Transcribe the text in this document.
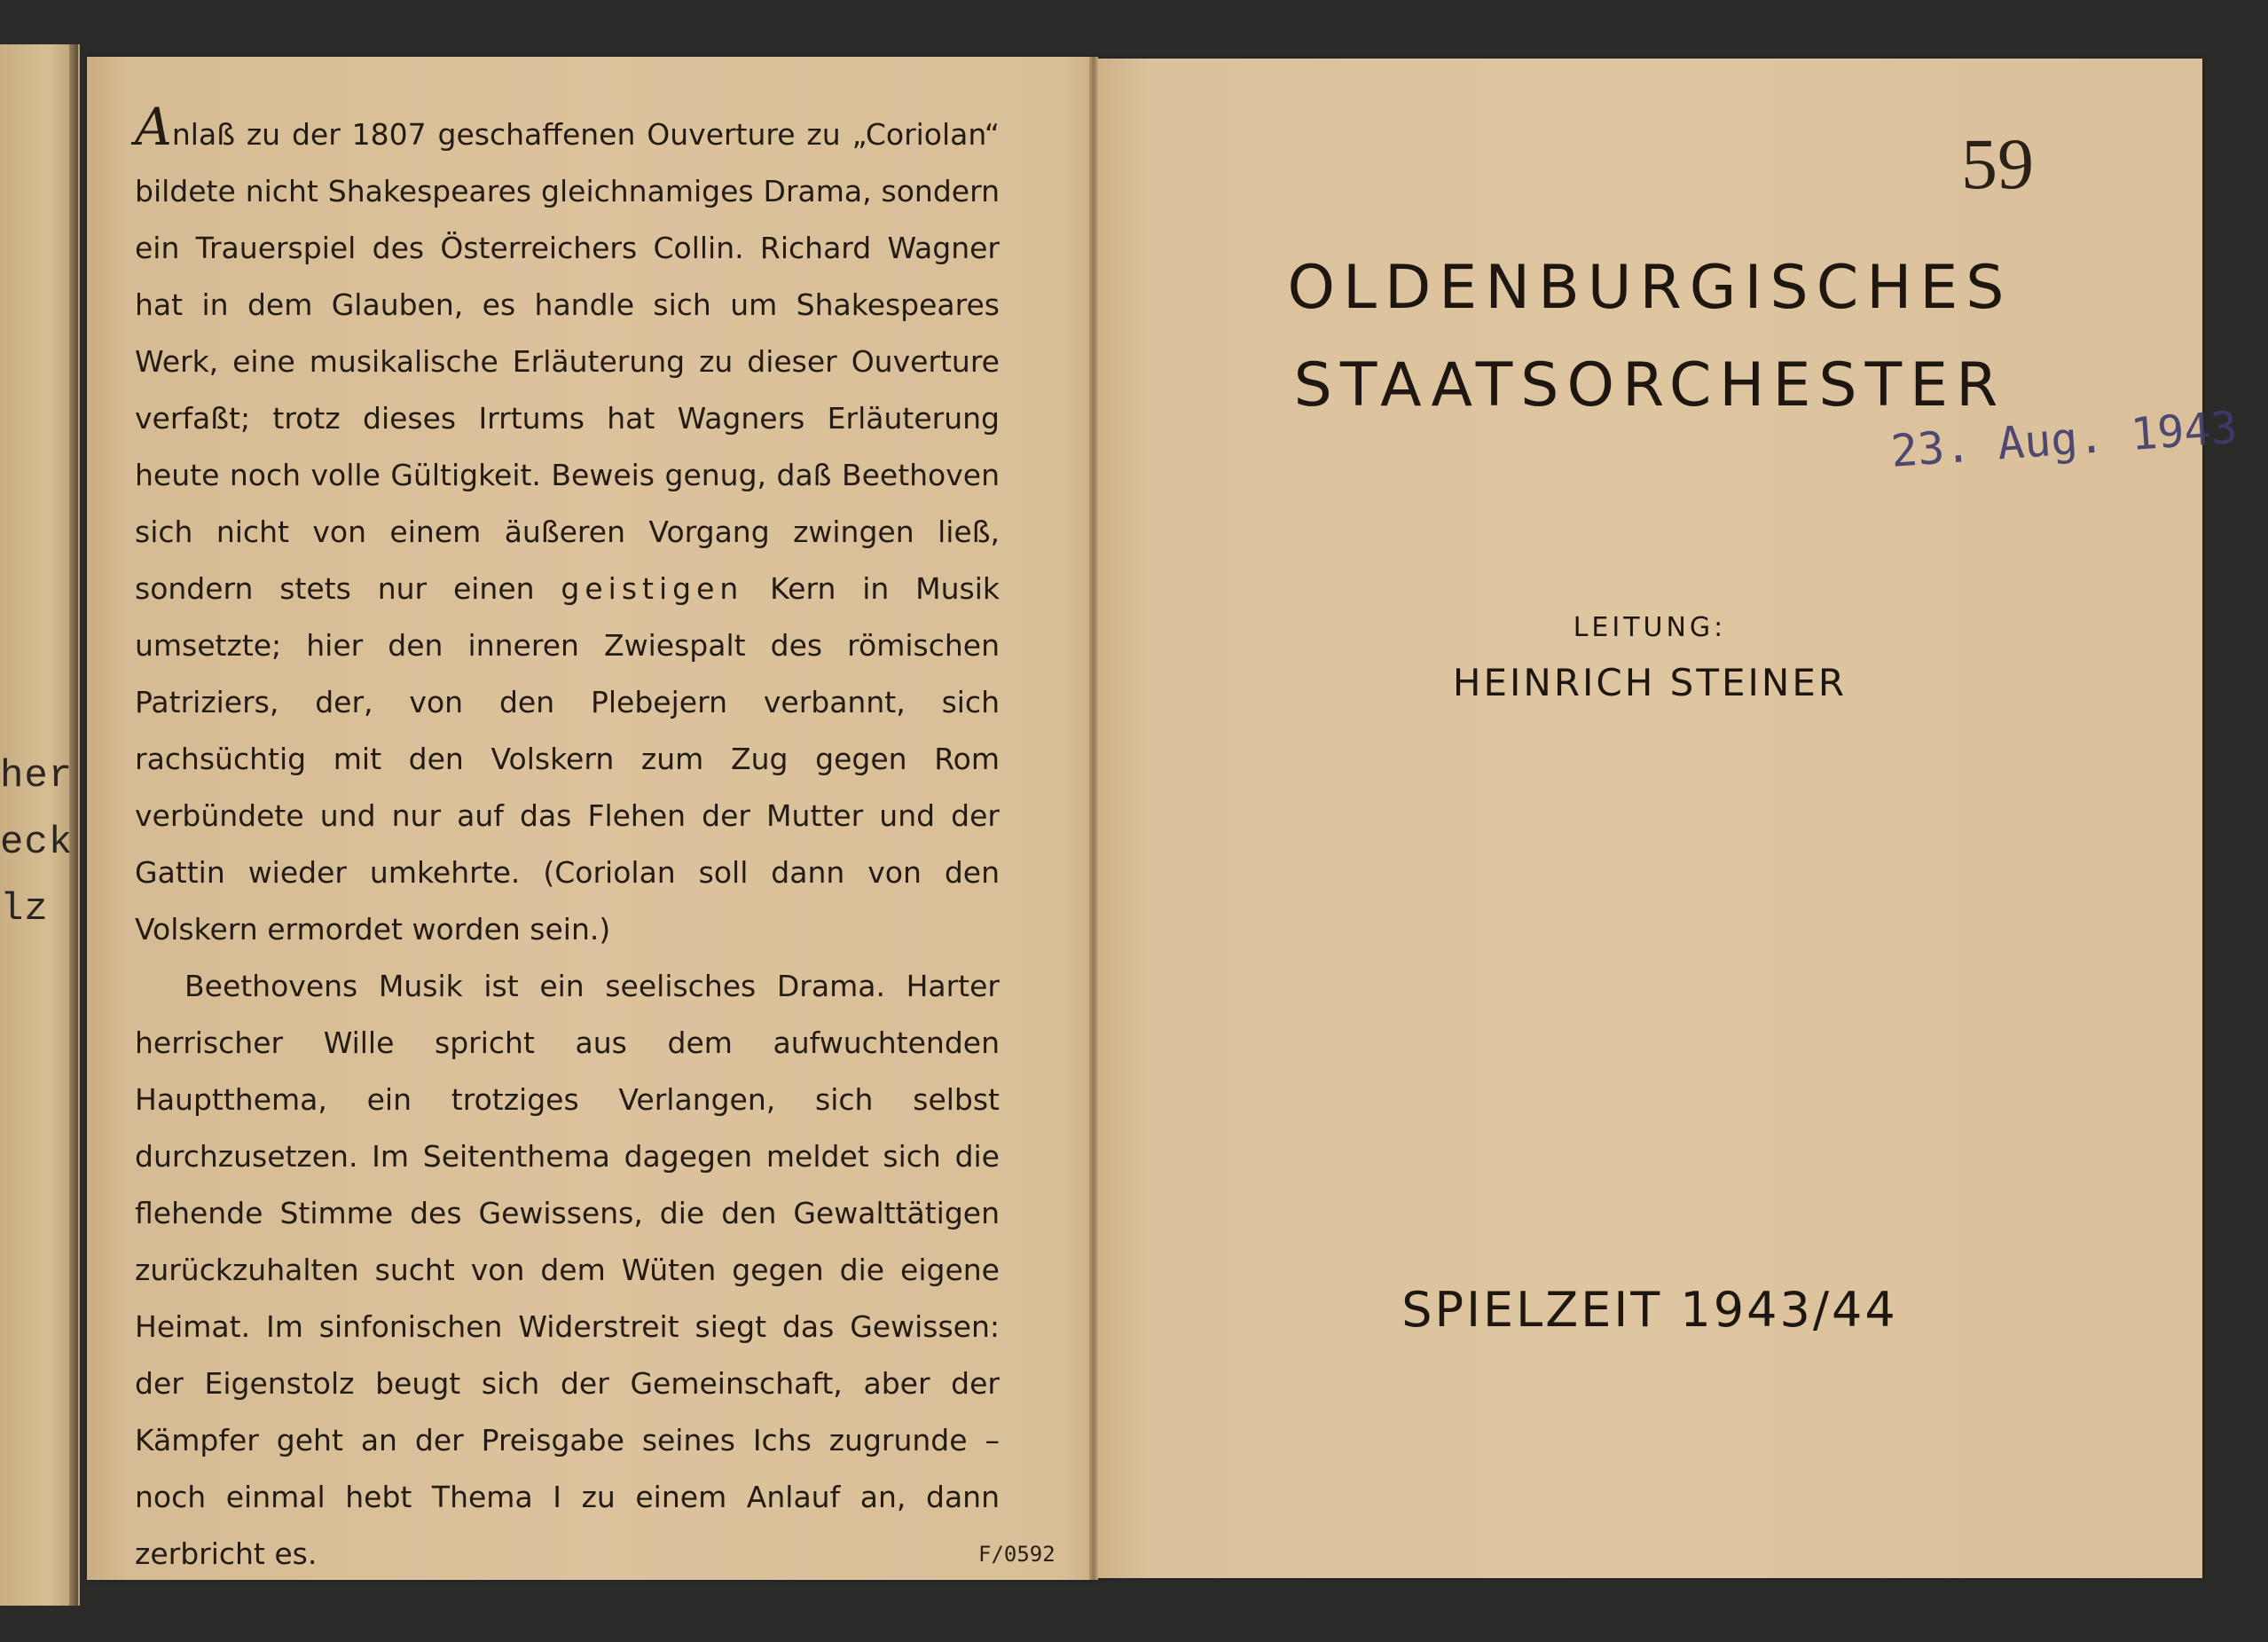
her
eck
lz

Anlaß zu der 1807 geschaffenen Ouverture zu „Coriolan“ bildete nicht Shakespeares gleichnamiges Drama, sondern ein Trauerspiel des Österreichers Collin. Richard Wagner hat in dem Glauben, es handle sich um Shakespeares Werk, eine musikalische Erläuterung zu dieser Ouverture verfaßt; trotz dieses Irrtums hat Wagners Erläuterung heute noch volle Gültigkeit. Beweis genug, daß Beethoven sich nicht von einem äußeren Vorgang zwingen ließ, sondern stets nur einen geistigen Kern in Musik umsetzte; hier den inneren Zwiespalt des römischen Patriziers, der, von den Plebejern verbannt, sich rachsüchtig mit den Volskern zum Zug gegen Rom verbündete und nur auf das Flehen der Mutter und der Gattin wieder umkehrte. (Coriolan soll dann von den Volskern ermordet worden sein.)

Beethovens Musik ist ein seelisches Drama. Harter herrischer Wille spricht aus dem aufwuchtenden Hauptthema, ein trotziges Verlangen, sich selbst durchzusetzen. Im Seitenthema dagegen meldet sich die flehende Stimme des Gewissens, die den Gewalttätigen zurückzuhalten sucht von dem Wüten gegen die eigene Heimat. Im sinfonischen Widerstreit siegt das Gewissen: der Eigenstolz beugt sich der Gemeinschaft, aber der Kämpfer geht an der Preisgabe seines Ichs zugrunde – noch einmal hebt Thema I zu einem Anlauf an, dann zerbricht es.	F/0592
59
OLDENBURGISCHES
STAATSORCHESTER
23. Aug. 1943
LEITUNG:
HEINRICH STEINER
SPIELZEIT 1943/44
